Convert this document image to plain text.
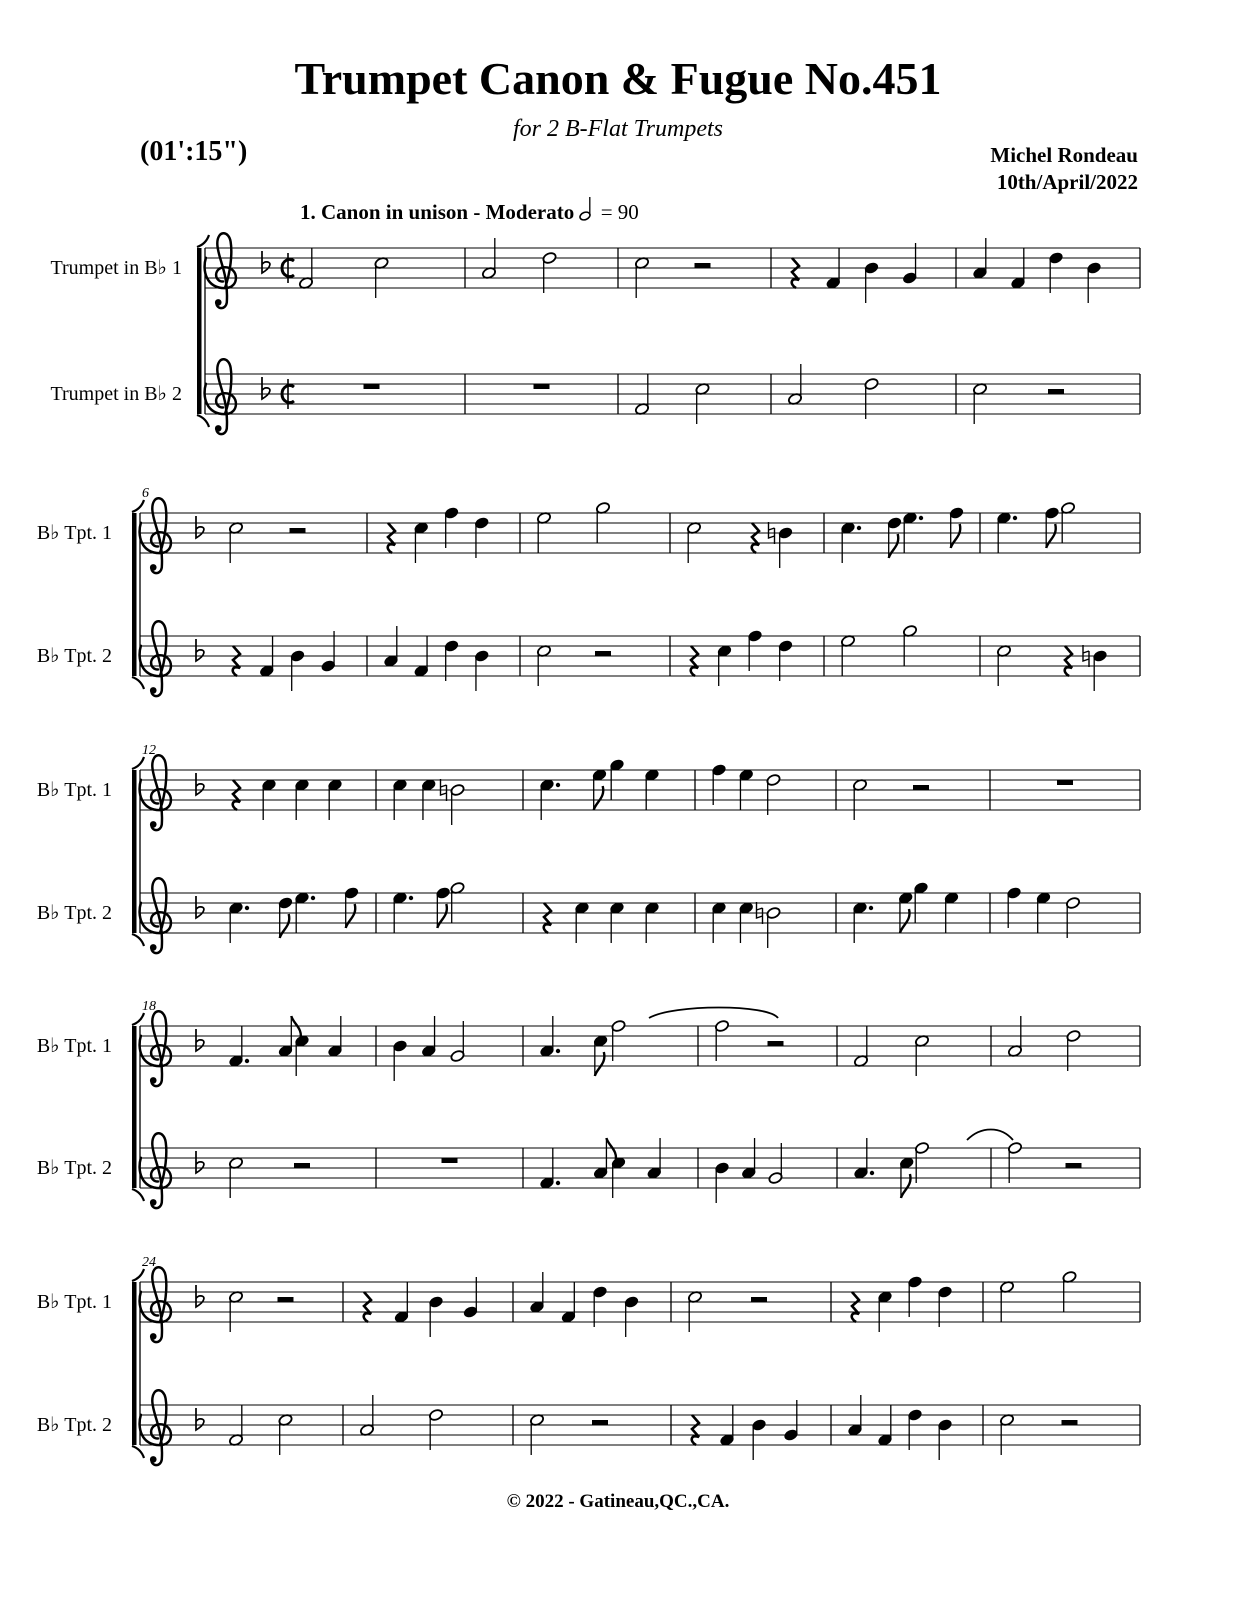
Trumpet Canon & Fugue No.451
for 2 B-Flat Trumpets
(01':15")	Michel Rondeau
10th/April/2022
1. Canon in unison - Moderato = 90
Trumpet in B♭ 1
Trumpet in B♭ 2
6
B♭ Tpt. 1
B♭ Tpt. 2
12
B♭ Tpt. 1
B♭ Tpt. 2
18
B♭ Tpt. 1
B♭ Tpt. 2
24
B♭ Tpt. 1
B♭ Tpt. 2
© 2022 - Gatineau,QC.,CA.
